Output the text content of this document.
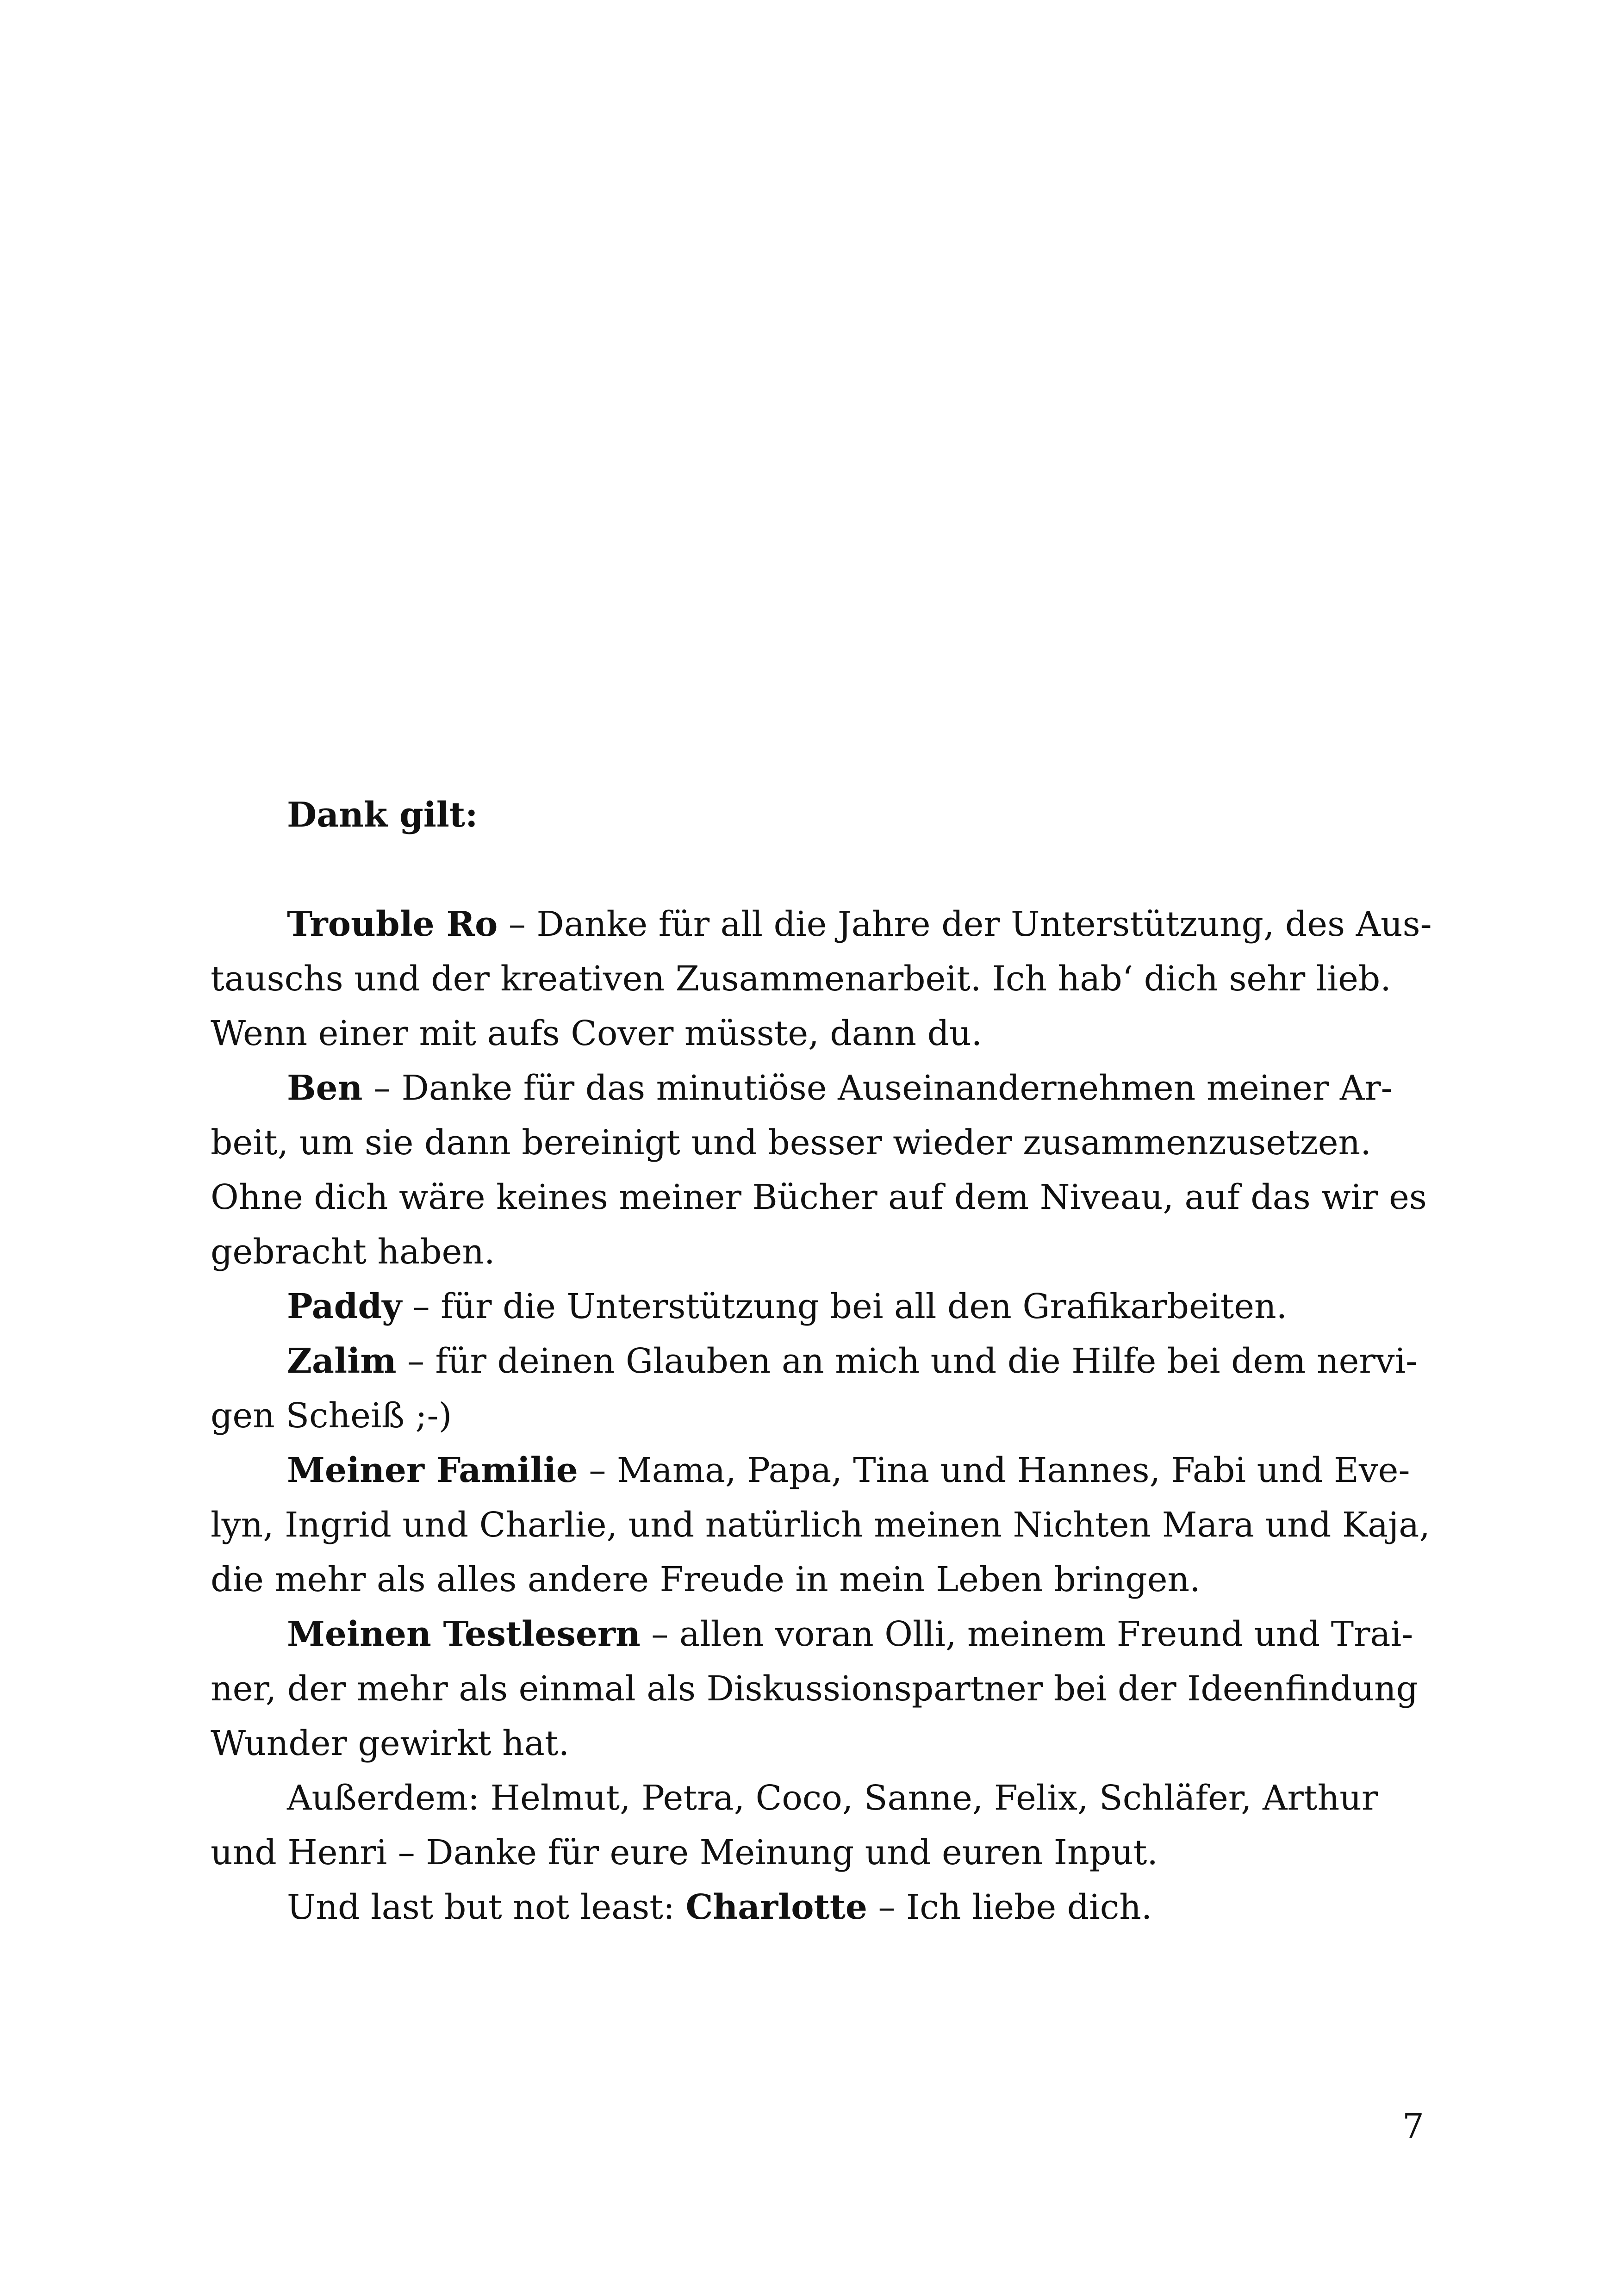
Dank gilt:
Trouble Ro – Danke für all die Jahre der Unterstützung, des Aus-
tauschs und der kreativen Zusammenarbeit. Ich hab‘ dich sehr lieb.
Wenn einer mit aufs Cover müsste, dann du.
Ben – Danke für das minutiöse Auseinandernehmen meiner Ar-
beit, um sie dann bereinigt und besser wieder zusammenzusetzen.
Ohne dich wäre keines meiner Bücher auf dem Niveau, auf das wir es
gebracht haben.
Paddy – für die Unterstützung bei all den Grafikarbeiten.
Zalim – für deinen Glauben an mich und die Hilfe bei dem nervi-
gen Scheiß ;-)
Meiner Familie – Mama, Papa, Tina und Hannes, Fabi und Eve-
lyn, Ingrid und Charlie, und natürlich meinen Nichten Mara und Kaja,
die mehr als alles andere Freude in mein Leben bringen.
Meinen Testlesern – allen voran Olli, meinem Freund und Trai-
ner, der mehr als einmal als Diskussionspartner bei der Ideenfindung
Wunder gewirkt hat.
Außerdem: Helmut, Petra, Coco, Sanne, Felix, Schläfer, Arthur
und Henri – Danke für eure Meinung und euren Input.
Und last but not least: Charlotte – Ich liebe dich.
7
